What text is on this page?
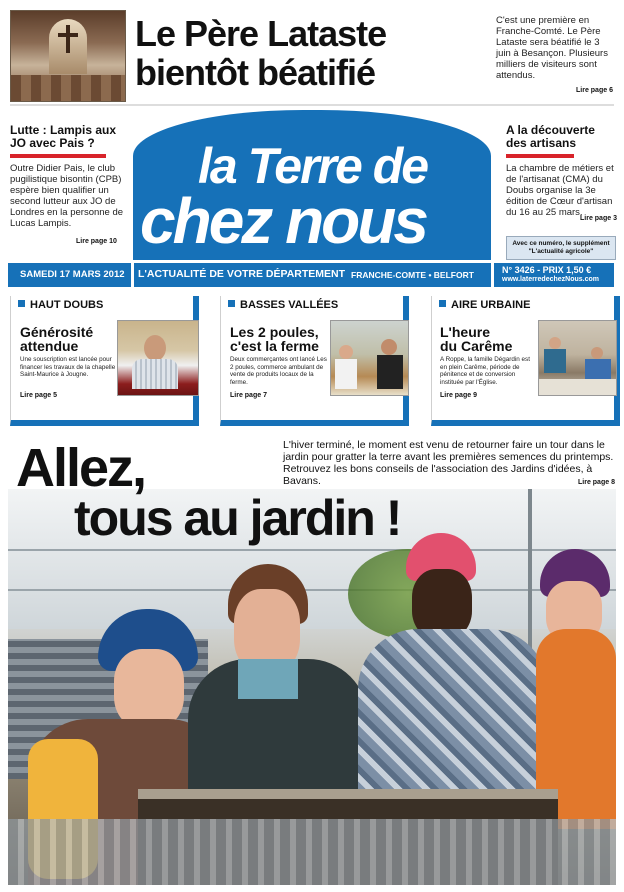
Le Père Lataste
bientôt béatifié
C'est une première en Franche-Comté. Le Père Lataste sera béatifié le 3 juin à Besançon. Plusieurs milliers de visiteurs sont attendus.
Lire page 6
Lutte : Lampis aux JO avec Pais ?
Outre Didier Pais, le club pugilistique bisontin (CPB) espère bien qualifier un second lutteur aux JO de Londres en la personne de Lucas Lampis.
Lire page 10
A la découverte des artisans
La chambre de métiers et de l'artisanat (CMA) du Doubs organise la 3e édition de Cœur d'artisan du 16 au 25 mars.
Lire page 3
la Terre de
chez nous	Avec ce numéro, le supplément
"L'actualité agricole"
SAMEDI 17 MARS 2012 L'ACTUALITÉ DE VOTRE DÉPARTEMENT FRANCHE-COMTE • BELFORT	N° 3426 - PRIX 1,50 €
www.laterredechezNous.com
HAUT DOUBS
Générosité
attendue
Une souscription est lancée pour financer les travaux de la chapelle Saint-Maurice à Jougne.
Lire page 5
BASSES VALLÉES
Les 2 poules,
c'est la ferme
Deux commerçantes ont lancé Les 2 poules, commerce ambulant de vente de produits locaux de la ferme.
Lire page 7
AIRE URBAINE
L'heure
du Carême
A Roppe, la famille Dégardin est en plein Carême, période de pénitence et de conversion instituée par l'Église.
Lire page 9
L'hiver terminé, le moment est venu de retourner faire un tour dans le jardin pour gratter la terre avant les premières semences du printemps. Retrouvez les bons conseils de l'association des Jardins d'idées, à Bavans.	Lire page 8
Allez,
tous au jardin !
